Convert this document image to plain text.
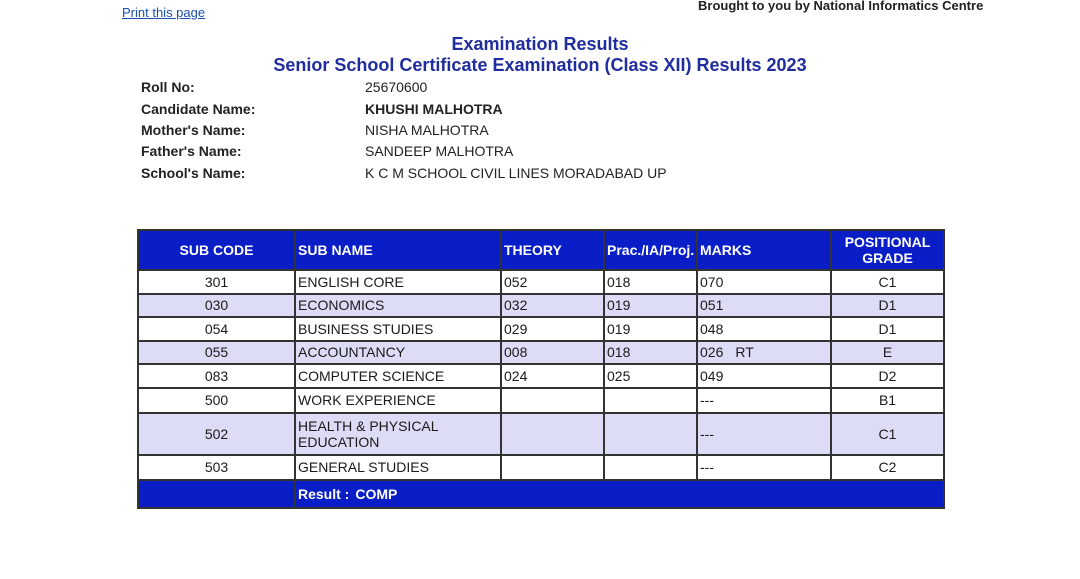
Print this page	Brought to you by National Informatics Centre
Examination Results
Senior School Certificate Examination (Class XII) Results 2023
Roll No:	25670600
Candidate Name:	KHUSHI MALHOTRA
Mother's Name:	NISHA MALHOTRA
Father's Name:	SANDEEP MALHOTRA
School's Name:	K C M SCHOOL CIVIL LINES MORADABAD UP
SUB CODE	SUB NAME	THEORY	Prac./IA/Proj.	MARKS	POSITIONAL
GRADE
301	ENGLISH CORE	052	018	070	C1
030	ECONOMICS	032	019	051	D1
054	BUSINESS STUDIES	029	019	048	D1
055	ACCOUNTANCY	008	018	026 RT	E
083	COMPUTER SCIENCE	024	025	049	D2
500	WORK EXPERIENCE			---	B1
502	HEALTH & PHYSICAL EDUCATION			---	C1
503	GENERAL STUDIES			---	C2
	Result : COMP				
